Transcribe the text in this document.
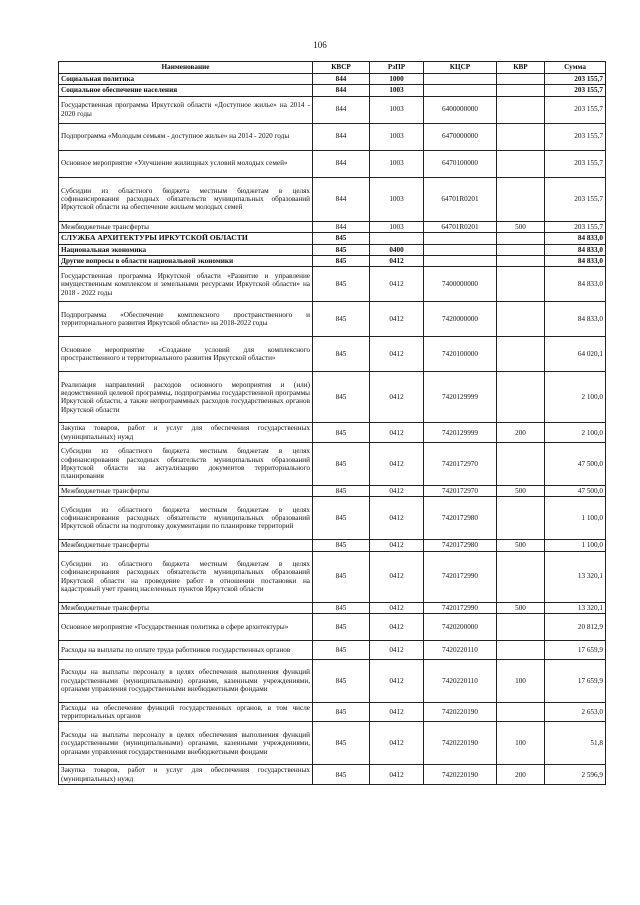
106
Наименование	КВСР	РзПР	КЦСР	КВР	Сумма
Социальная политика	844	1000			203 155,7
Социальное обеспечение населения	844	1003			203 155,7
Государственная программа Иркутской области «Доступное жилье» на 2014 - 2020 годы	844	1003	6400000000		203 155,7
Подпрограмма «Молодым семьям - доступное жилье» на 2014 - 2020 годы	844	1003	6470000000		203 155,7
Основное мероприятие «Улучшение жилищных условий молодых семей»	844	1003	6470100000		203 155,7
Субсидии из областного бюджета местным бюджетам в целях софинансирования расходных обязательств муниципальных образований Иркутской области на обеспечение жильем молодых семей	844	1003	64701R0201		203 155,7
Межбюджетные трансферты	844	1003	64701R0201	500	203 155,7
СЛУЖБА АРХИТЕКТУРЫ ИРКУТСКОЙ ОБЛАСТИ	845				84 833,0
Национальная экономика	845	0400			84 833,0
Другие вопросы в области национальной экономики	845	0412			84 833,0
Государственная программа Иркутской области «Развитие и управление имущественным комплексом и земельными ресурсами Иркутской области» на 2018 - 2022 годы	845	0412	7400000000		84 833,0
Подпрограмма «Обеспечение комплексного пространственного и территориального развития Иркутской области» на 2018-2022 годы	845	0412	7420000000		84 833,0
Основное мероприятие «Создание условий для комплексного пространственного и территориального развития Иркутской области»	845	0412	7420100000		64 020,1
Реализация направлений расходов основного мероприятия и (или) ведомственной целевой программы, подпрограммы государственной программы Иркутской области, а также непрограммных расходов государственных органов Иркутской области	845	0412	7420129999		2 100,0
Закупка товаров, работ и услуг для обеспечения государственных (муниципальных) нужд	845	0412	7420129999	200	2 100,0
Субсидии из областного бюджета местным бюджетам в целях софинансирования расходных обязательств муниципальных образований Иркутской области на актуализацию документов территориального планирования	845	0412	7420172970		47 500,0
Межбюджетные трансферты	845	0412	7420172970	500	47 500,0
Субсидии из областного бюджета местным бюджетам в целях софинансирования расходных обязательств муниципальных образований Иркутской области на подготовку документации по планировке территорий	845	0412	7420172980		1 100,0
Межбюджетные трансферты	845	0412	7420172980	500	1 100,0
Субсидии из областного бюджета местным бюджетам в целях софинансирования расходных обязательств муниципальных образований Иркутской области на проведение работ в отношении постановки на кадастровый учет границ населенных пунктов Иркутской области	845	0412	7420172990		13 320,1
Межбюджетные трансферты	845	0412	7420172990	500	13 320,1
Основное мероприятие «Государственная политика в сфере архитектуры»	845	0412	7420200000		20 812,9
Расходы на выплаты по оплате труда работников государственных органов	845	0412	7420220110		17 659,9
Расходы на выплаты персоналу в целях обеспечения выполнения функций государственными (муниципальными) органами, казенными учреждениями, органами управления государственными внебюджетными фондами	845	0412	7420220110	100	17 659,9
Расходы на обеспечение функций государственных органов, в том числе территориальных органов	845	0412	7420220190		2 653,0
Расходы на выплаты персоналу в целях обеспечения выполнения функций государственными (муниципальными) органами, казенными учреждениями, органами управления государственными внебюджетными фондами	845	0412	7420220190	100	51,8
Закупка товаров, работ и услуг для обеспечения государственных (муниципальных) нужд	845	0412	7420220190	200	2 596,9
